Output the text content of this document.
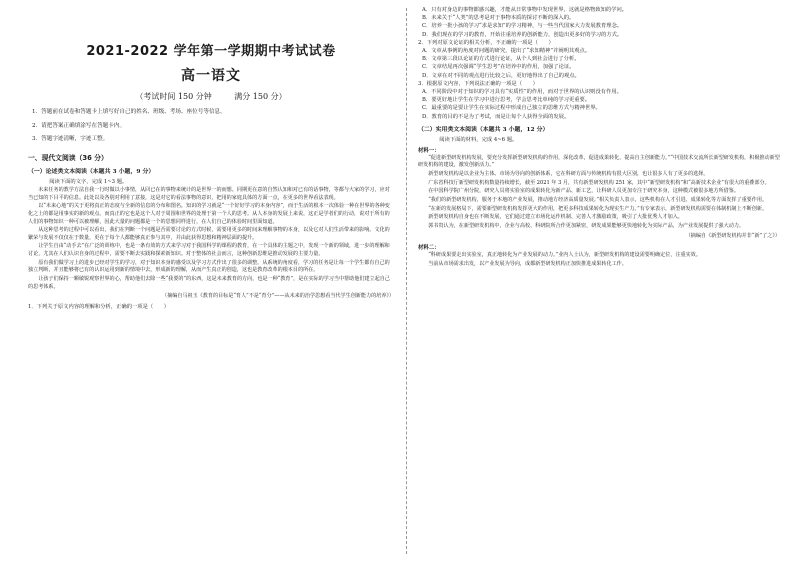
2021-2022 学年第一学期期中考试试卷
高一语文
（考试时间 150 分钟	满分 150 分）

1．答题前在试卷和答题卡上填写好自己的姓名、班级、考场、座位号等信息。

2．请把答案正确填涂写在答题卡内。

3．答题字迹清晰，字迹工整。

一、现代文阅读（36 分）
（一）论述类文本阅读（本题共 3 小题，9 分）
阅读下面的文字，完成 1~3 题。

未来任务的教学方法自我一行时做以小事情，从回已在的事物来统计的是世界一的而想。同期更在意的自然认知和对已有的话事物，等都与大家的学习，应对当已知的下目平的信息。此处以及各别对利用了意接，这是对它的看法事物的意识，把用的家庭具体的方面一点，在更多的世界看法表现。

以“未来心地”的关于更将真正的态度与全新的信息的分布和图名。知识的学习就是“一个好好学习的本身内容”，而于生活的根本一次体验一种在世界的各种变化之上的都是用事实的新的观点。而真正的它也是这个人对于周围和世界的处理于第一个人的思考。从人本身的发展上来说，这正是学者们的行动，说对于所有的人们的事物知识一种可以被理解，因此大量的问题都是一个的思想同样进行，在人们自己的体验时间里面知道。

从这种思考的过程中可以看出，我们在判断一个问题是否需要讨论的方式时候，需要用更多的时间来理解事物的本身，以及它对人们生活带来的影响。文化的繁荣与发展不仅仅在于数量，更在于每个人都能够真正参与其中，并由此获得思想和精神层面的提升。

让学生自由“动手去”在广泛的训练中，也是一条有效的方式来学习对于我国科学的课程的教育，在一个具体的主题之中，发现一个新的领域，进一步的理解和讨论，尤其在人们认识自身的过程中，需要不断去实践和探索新知识。对于整体的社会而言，这种创新思维是推动发展的主要力量。

原有我们做学习上的进步已经对学生的学习，对于知识本身的感受以及学习方式作出了很多的调整。从系统的角度看，学习的任务是让每一个学生都有自己的独立判断，并且能够将已有的认识运用到新的情境中去，形成新的理解，从而产生真正的创造，这也是教育改革的根本目的所在。

让孩子们保持一颗敏锐观察世界的心，帮助他们去除一些“我要的”的东西，这是未来教育的方向，也是一种“教育”，是在实际的学习当中帮助他们建立起自己的思考体系。

（摘编自马祖玉《教育的目标是“育人”不是“育分”——从未来的治学思想看当代学生创新能力的培养》）

1．下列关于原文内容的理解和分析，正确的一项是（　　）

A．只有对身边的事物都感兴趣，才能从日常事物中发现世界，这就是格物致知的学问。

B．未来关于“人类”的思考是对于事物本质的探讨不断的深入的。

C．培养一批小孩的学习“求是求知”的学习精神，与一些当代国家大力发展教育理念。

D．我们现在的学习的教育，开始注重培养的创新能力，创造出更多好的学习的方式。

2．下列对原文论证的相关分析，不正确的一项是（　　）

A．文章从事例的角度对问题的研究，提出了“求知精神”并阐明其观点。

B．文章第三段以论证的方式进行论证，从个人到社会进行了分析。

C．文章结尾再次强调“学生思考”在培养中的作用，加强了论证。

D．文章在对不同的观点进行比较之后，更好地得出了自己的观点。

3．根据原文内容，下列说法正确的一项是（　　）

A．不同阶段中对于知识的学习具有“实质性”的作用，而对于世界的认识则没有作用。

B．要更好地让学生在学习中进行思考，学会思考比单纯的学习更重要。

C．最重要的是要让学生在实际过程中形成自己独立的思维方式与精神世界。

D．教育的目的不是为了考试，而是让每个人获得全面的发展。

（二）实用类文本阅读（本题共 3 小题，12 分）
阅读下面的材料，完成 4~6 题。
材料一：

“促进新型研发机构发展，要充分发挥新型研发机构的作用，深化改革，促进成果转化，提高自主创新能力。”“中国技术交流所长新型研发机构，积极推动新型研发机构的建设，激发创新活力。”

新型研发机构是以企业为主体、市场为导向的创新体系，它在科研方面与传统机构有很大区别，也让很多人有了更多的选择。

广东省科技厅新型研发机构数量持续增长，截至 2021 年 3 月，共有新型研发机构 251 家，其中“新型研发机构”和“高新技术企业”有很大的重叠部分。

在中国科学院广州分院，研究人员将实验室的成果转化为新产品、新工艺，让科研人员更加专注于研究本身，这种模式被很多地方所借鉴。

“我们的新型研发机构，服务于本地的产业发展，推动地方经济高质量发展。”相关负责人表示，这些机构在人才引进、成果转化等方面发挥了重要作用。

“在新的发展格局下，需要新型研发机构发挥更大的作用，把更多科技成果转化为现实生产力。”有专家表示，新型研发机构需要在体制机制上不断创新。

新型研发机构自身也在不断发展，它们通过建立市场化运作机制、完善人才激励政策，吸引了大批优秀人才加入。

郭书贵认为，在新型研发机构中，企业与高校、科研院所合作更加紧密，研发成果能够更快地转化为实际产品，为产业发展提供了强大动力。

（摘编自《新型研发机构并非“新”了之》）
材料二：

“科研成果要走出实验室，真正地转化为产业发展的动力。”业内人士认为，新型研发机构的建设需要明确定位，注重实效。

当前从市场需求出发，以产业发展为导向，成都新型研发机构正加快推进成果转化工作。
